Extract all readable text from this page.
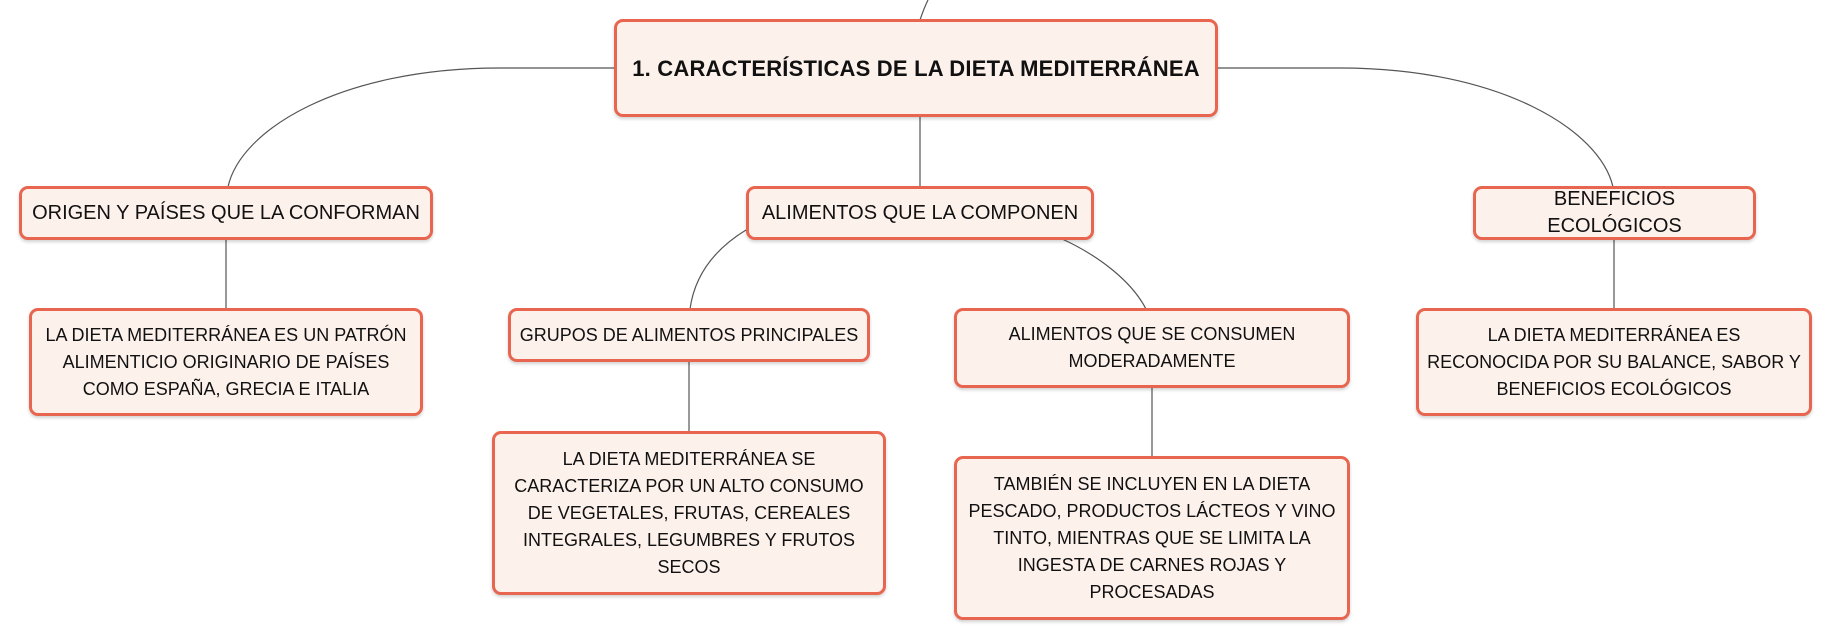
1. CARACTERÍSTICAS DE LA DIETA MEDITERRÁNEA
ORIGEN Y PAÍSES QUE LA CONFORMAN	ALIMENTOS QUE LA COMPONEN
BENEFICIOS ECOLÓGICOS
LA DIETA MEDITERRÁNEA ES UN PATRÓN ALIMENTICIO ORIGINARIO DE PAÍSES COMO ESPAÑA, GRECIA E ITALIA
GRUPOS DE ALIMENTOS PRINCIPALES	ALIMENTOS QUE SE CONSUMEN MODERADAMENTE
LA DIETA MEDITERRÁNEA ES RECONOCIDA POR SU BALANCE, SABOR Y BENEFICIOS ECOLÓGICOS
LA DIETA MEDITERRÁNEA SE CARACTERIZA POR UN ALTO CONSUMO DE VEGETALES, FRUTAS, CEREALES INTEGRALES, LEGUMBRES Y FRUTOS SECOS
TAMBIÉN SE INCLUYEN EN LA DIETA PESCADO, PRODUCTOS LÁCTEOS Y VINO TINTO, MIENTRAS QUE SE LIMITA LA INGESTA DE CARNES ROJAS Y PROCESADAS
